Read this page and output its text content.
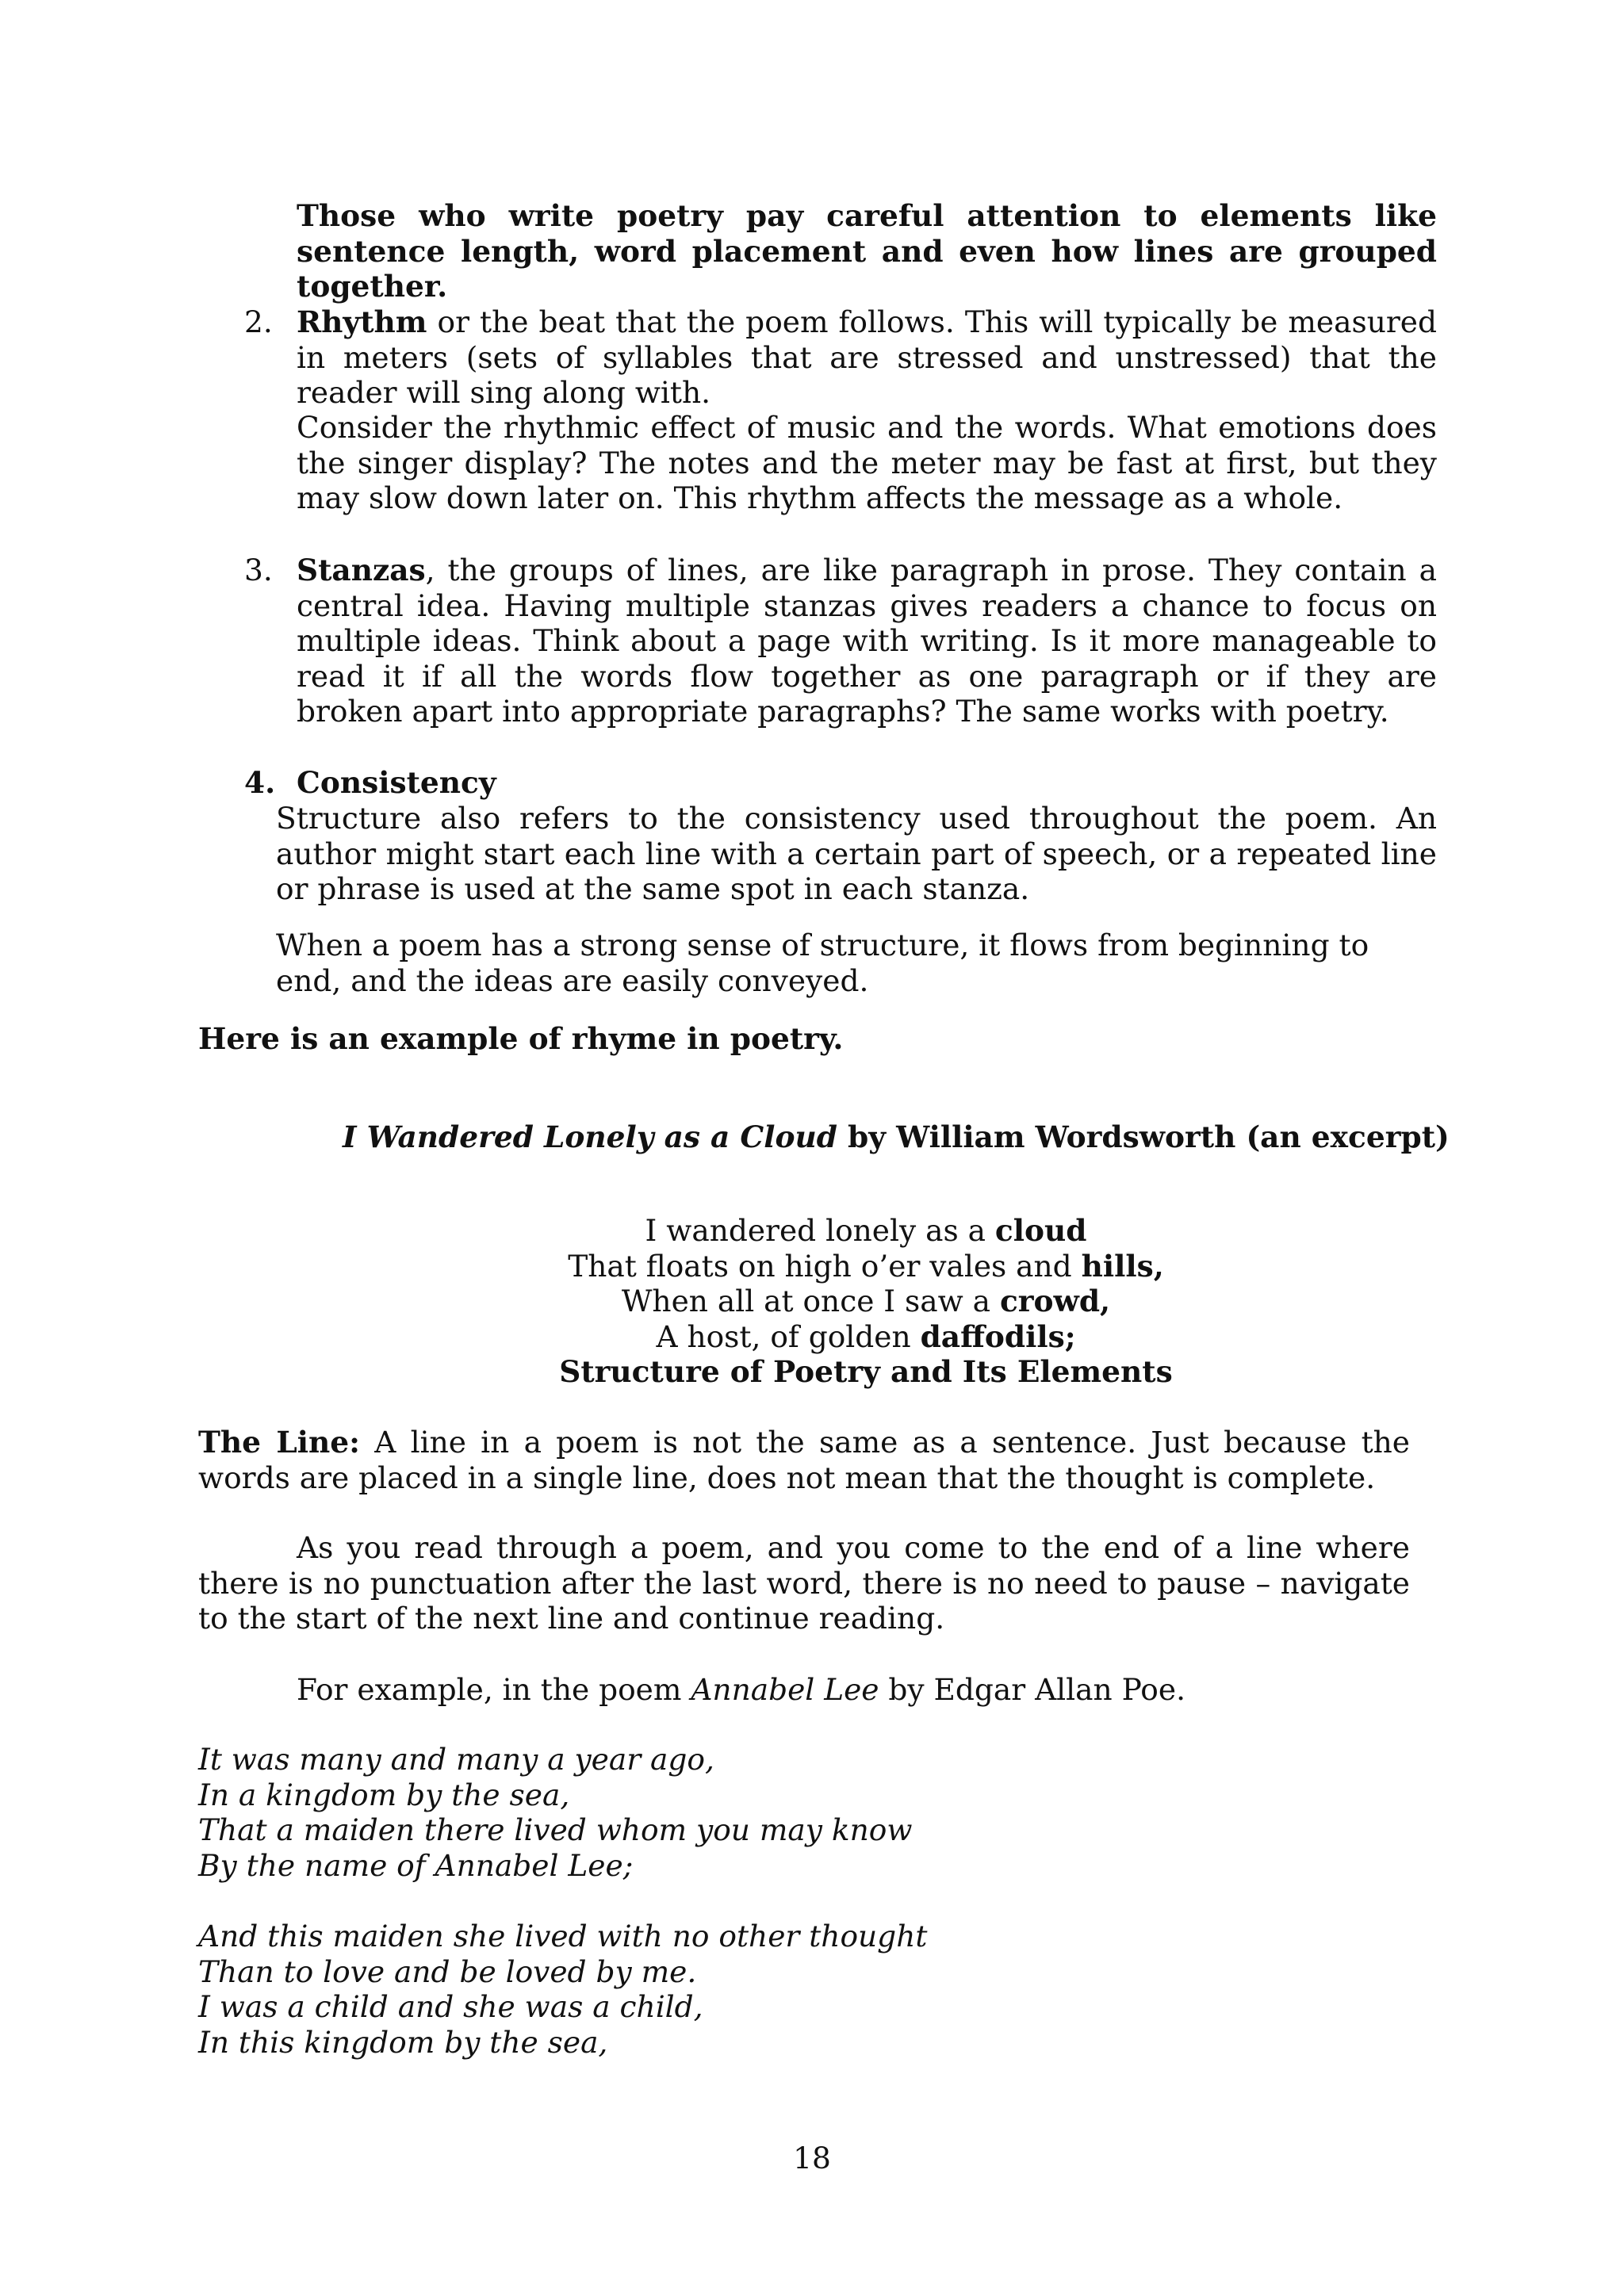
Those who write poetry pay careful attention to elements like sentence length, word placement and even how lines are grouped together.

2. Rhythm or the beat that the poem follows. This will typically be measured in meters (sets of syllables that are stressed and unstressed) that the reader will sing along with.

Consider the rhythmic effect of music and the words. What emotions does the singer display? The notes and the meter may be fast at first, but they may slow down later on. This rhythm affects the message as a whole.

3. Stanzas, the groups of lines, are like paragraph in prose. They contain a central idea. Having multiple stanzas gives readers a chance to focus on multiple ideas. Think about a page with writing. Is it more manageable to read it if all the words flow together as one paragraph or if they are broken apart into appropriate paragraphs? The same works with poetry.

4. Consistency

Structure also refers to the consistency used throughout the poem. An author might start each line with a certain part of speech, or a repeated line or phrase is used at the same spot in each stanza.

When a poem has a strong sense of structure, it flows from beginning to end, and the ideas are easily conveyed.

Here is an example of rhyme in poetry.

I Wandered Lonely as a Cloud by William Wordsworth (an excerpt)

I wandered lonely as a cloud
That floats on high o’er vales and hills,
When all at once I saw a crowd,
A host, of golden daffodils;
Structure of Poetry and Its Elements

The Line: A line in a poem is not the same as a sentence. Just because the words are placed in a single line, does not mean that the thought is complete.

As you read through a poem, and you come to the end of a line where there is no punctuation after the last word, there is no need to pause – navigate to the start of the next line and continue reading.

For example, in the poem Annabel Lee by Edgar Allan Poe.

It was many and many a year ago,
In a kingdom by the sea,
That a maiden there lived whom you may know
By the name of Annabel Lee;
And this maiden she lived with no other thought
Than to love and be loved by me.
I was a child and she was a child,
In this kingdom by the sea,
18
